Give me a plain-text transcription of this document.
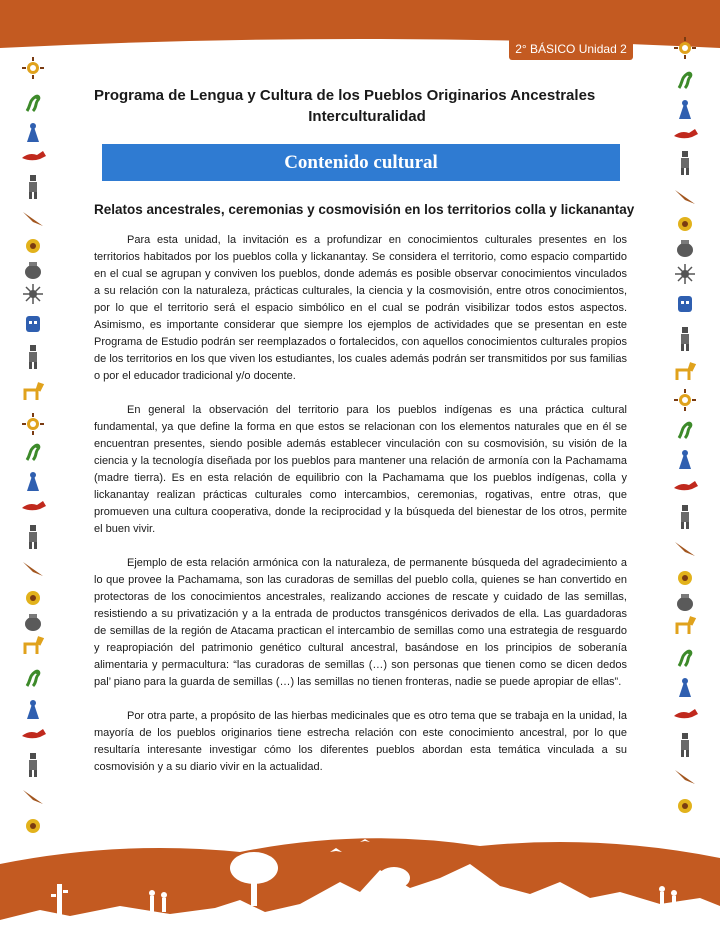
2° BÁSICO Unidad 2
Programa de Lengua y Cultura de los Pueblos Originarios Ancestrales
Interculturalidad
Contenido cultural
Relatos ancestrales, ceremonias y cosmovisión en los territorios colla y lickanantay

Para esta unidad, la invitación es a profundizar en conocimientos culturales presentes en los territorios habitados por los pueblos colla y lickanantay. Se considera el territorio, como espacio compartido en el cual se agrupan y conviven los pueblos, donde además es posible observar conocimientos vinculados a su relación con la naturaleza, prácticas culturales, la ciencia y la cosmovisión, entre otros conocimientos, por lo que el territorio será el espacio simbólico en el cual se podrán visibilizar todos estos aspectos. Asimismo, es importante considerar que siempre los ejemplos de actividades que se presentan en este Programa de Estudio podrán ser reemplazados o fortalecidos, con aquellos conocimientos culturales propios de los territorios en los que viven los estudiantes, los cuales además podrán ser transmitidos por sus familias o por el educador tradicional y/o docente.

En general la observación del territorio para los pueblos indígenas es una práctica cultural fundamental, ya que define la forma en que estos se relacionan con los elementos naturales que en él se encuentran presentes, siendo posible además establecer vinculación con su cosmovisión, su visión de la ciencia y la tecnología diseñada por los pueblos para mantener una relación de armonía con la Pachamama (madre tierra). Es en esta relación de equilibrio con la Pachamama que los pueblos indígenas, colla y lickanantay realizan prácticas culturales como intercambios, ceremonias, rogativas, entre otras, que promueven una cultura cooperativa, donde la reciprocidad y la búsqueda del bienestar de los otros, permite el buen vivir.

Ejemplo de esta relación armónica con la naturaleza, de permanente búsqueda del agradecimiento a lo que provee la Pachamama, son las curadoras de semillas del pueblo colla, quienes se han convertido en protectoras de los conocimientos ancestrales, realizando acciones de rescate y cuidado de las semillas, resistiendo a su privatización y a la entrada de productos transgénicos derivados de ella. Las guardadoras de semillas de la región de Atacama practican el intercambio de semillas como una estrategia de resguardo y reapropiación del patrimonio genético cultural ancestral, basándose en los principios de soberanía alimentaria y permacultura: “las curadoras de semillas (…) son personas que tienen como se dicen dedos pal’ piano para la guarda de semillas (…) las semillas no tienen fronteras, nadie se puede apropiar de ellas”.

Por otra parte, a propósito de las hierbas medicinales que es otro tema que se trabaja en la unidad, la mayoría de los pueblos originarios tiene estrecha relación con este conocimiento ancestral, por lo que resultaría interesante investigar cómo los diferentes pueblos abordan esta temática vinculada a su cosmovisión y a su diario vivir en la actualidad.
